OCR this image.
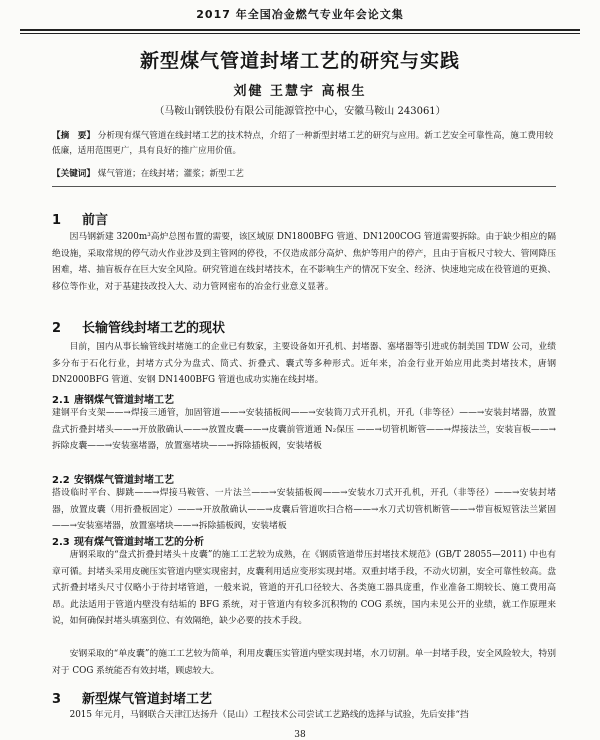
2017 年全国冶金燃气专业年会论文集
新型煤气管道封堵工艺的研究与实践
刘健 王慧宇 高根生
（马鞍山钢铁股份有限公司能源管控中心，安徽马鞍山 243061）
【摘　要】 分析现有煤气管道在线封堵工艺的技术特点，介绍了一种新型封堵工艺的研究与应用。新工艺安全可靠性高，施工费用较低廉，适用范围更广，具有良好的推广应用价值。
【关键词】 煤气管道；在线封堵；灌浆；新型工艺
1 前言

因马钢新建 3200m³高炉总图布置的需要，该区域原 DN1800BFG 管道、DN1200COG 管道需要拆除。由于缺少相应的隔绝设施，采取常规的停气动火作业涉及到主管网的停役，不仅造成部分高炉、焦炉等用户的停产，且由于盲板尺寸较大、管网降压困难，堵、抽盲板存在巨大安全风险。研究管道在线封堵技术，在不影响生产的情况下安全、经济、快速地完成在役管道的更换、移位等作业，对于基建技改投入大、动力管网密布的冶金行业意义显著。

2 长输管线封堵工艺的现状

目前，国内从事长输管线封堵施工的企业已有数家，主要设备如开孔机、封堵器、塞堵器等引进或仿制美国 TDW 公司，业绩多分布于石化行业，封堵方式分为盘式、筒式、折叠式、囊式等多种形式。近年来，冶金行业开始应用此类封堵技术，唐钢 DN2000BFG 管道、安钢 DN1400BFG 管道也成功实施在线封堵。

2.1 唐钢煤气管道封堵工艺

建钢平台支架——→焊接三通管，加固管道——→安装插板阀——→安装筒刀式开孔机，开孔（非等径）——→安装封堵器，放置盘式折叠封堵头——→开放散确认——→放置皮囊——→皮囊前管道通 N₂保压 ——→切管机断管——→焊接法兰，安装盲板——→拆除皮囊——→安装塞堵器，放置塞堵块——→拆除插板阀，安装堵板

2.2 安钢煤气管道封堵工艺

搭设临时平台、脚跳——→焊接马鞍管、一片法兰——→安装插板阀——→安装水刀式开孔机，开孔（非等径）——→安装封堵器，放置皮囊（用折叠板固定）——→开放散确认——→皮囊后管道吹扫合格——→水刀式切管机断管——→带盲板短管法兰紧固——→安装塞堵器，放置塞堵块——→拆除插板阀，安装堵板

2.3 现有煤气管道封堵工艺的分析

唐钢采取的“盘式折叠封堵头＋皮囊”的施工工艺较为成熟，在《钢质管道带压封堵技术规范》(GB/T 28055—2011) 中也有章可循。封堵头采用皮碗压实管道内壁实现密封，皮囊利用适应变形实现封堵。双重封堵手段，不动火切割，安全可靠性较高。盘式折叠封堵头尺寸仅略小于待封堵管道，一般来说，管道的开孔口径较大、各类施工器具庞重，作业准备工期较长、施工费用高昂。此法适用于管道内壁没有结垢的 BFG 系统，对于管道内有较多沉积物的 COG 系统，国内未见公开的业绩，就工作原理来说，如何确保封堵头填塞到位、有效隔绝，缺少必要的技术手段。

安钢采取的“单皮囊”的施工工艺较为简单，利用皮囊压实管道内壁实现封堵，水刀切割。单一封堵手段，安全风险较大，特别对于 COG 系统能否有效封堵，顾虑较大。

3 新型煤气管道封堵工艺

2015 年元月，马钢联合天津江达扬升（昆山）工程技术公司尝试工艺路线的选择与试验，先后安排“挡

38
